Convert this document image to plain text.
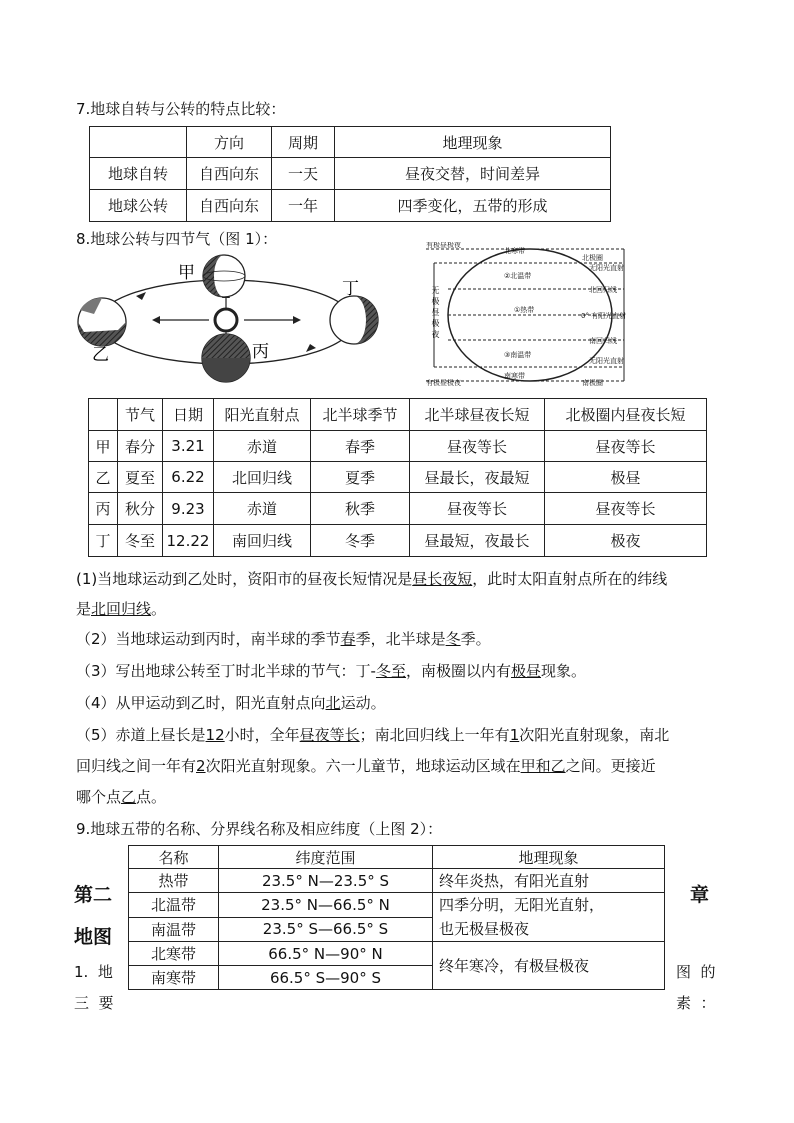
7.地球自转与公转的特点比较：
	方向	周期	地理现象
地球自转	自西向东	一天	昼夜交替，时间差异
地球公转	自西向东	一年	四季变化，五带的形成
8.地球公转与四节气（图 1）：
甲
乙	丙
丁
有极昼极夜
北寒带
北极圈
无阳光直射
②北温带
北回归线
①热带
0° 有阳光直射
南回归线
③南温带
无阳光直射
南寒带
有极昼极夜	南极圈
无极昼极夜
	节气	日期	阳光直射点	北半球季节	北半球昼夜长短	北极圈内昼夜长短
甲	春分	3.21	赤道	春季	昼夜等长	昼夜等长
乙	夏至	6.22	北回归线	夏季	昼最长，夜最短	极昼
丙	秋分	9.23	赤道	秋季	昼夜等长	昼夜等长
丁	冬至	12.22	南回归线	冬季	昼最短，夜最长	极夜
(1)当地球运动到乙处时，资阳市的昼夜长短情况是昼长夜短，此时太阳直射点所在的纬线
是北回归线。
（2）当地球运动到丙时，南半球的季节春季，北半球是冬季。
（3）写出地球公转至丁时北半球的节气：丁-冬至，南极圈以内有极昼现象。
（4）从甲运动到乙时，阳光直射点向北运动。
（5）赤道上昼长是12小时，全年昼夜等长；南北回归线上一年有1次阳光直射现象，南北
回归线之间一年有2次阳光直射现象。六一儿童节，地球运动区域在甲和乙之间。更接近
哪个点乙点。
9.地球五带的名称、分界线名称及相应纬度（上图 2）：
第二
地图
1.  地
三  要
章
图  的
素  ：
名称	纬度范围	地理现象
热带	23.5° N—23.5° S	终年炎热，有阳光直射
北温带	23.5° N—66.5° N	四季分明，无阳光直射，
也无极昼极夜

南温带	23.5° S—66.5° S	
北寒带	66.5° N—90° N	终年寒冷，有极昼极夜
南寒带	66.5° S—90° S	
